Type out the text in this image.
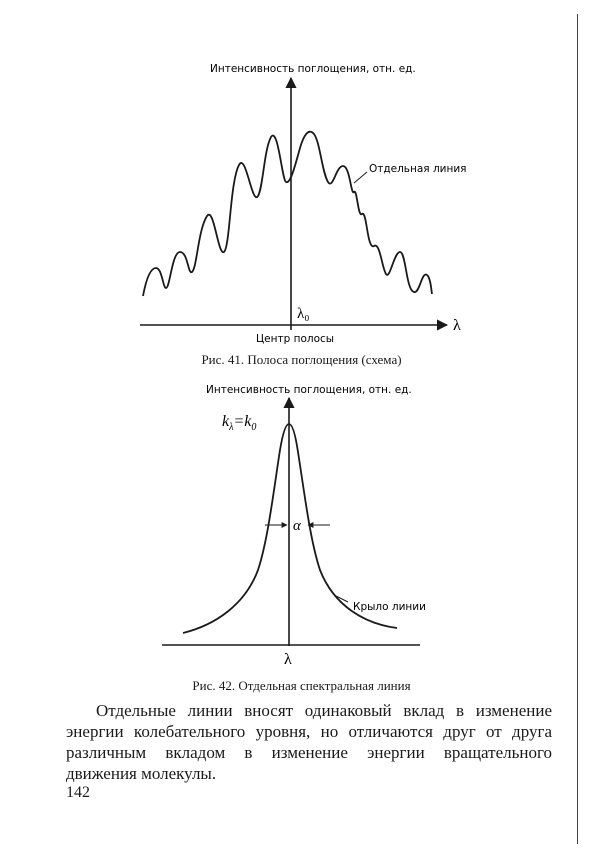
Интенсивность поглощения, отн. ед.
Отдельная линия
λ₀
λ
Центр полосы
Интенсивность поглощения, отн. ед.
$k_\lambda=k_0$
α
Крыло линии
λ
Рис. 41. Полоса поглощения (схема)
Рис. 42. Отдельная спектральная линия
Отдельные линии вносят одинаковый вклад в изменение энергии колебательного уровня, но отличаются друг от друга различным вкладом в изменение энергии вращательного движения молекулы.
142
